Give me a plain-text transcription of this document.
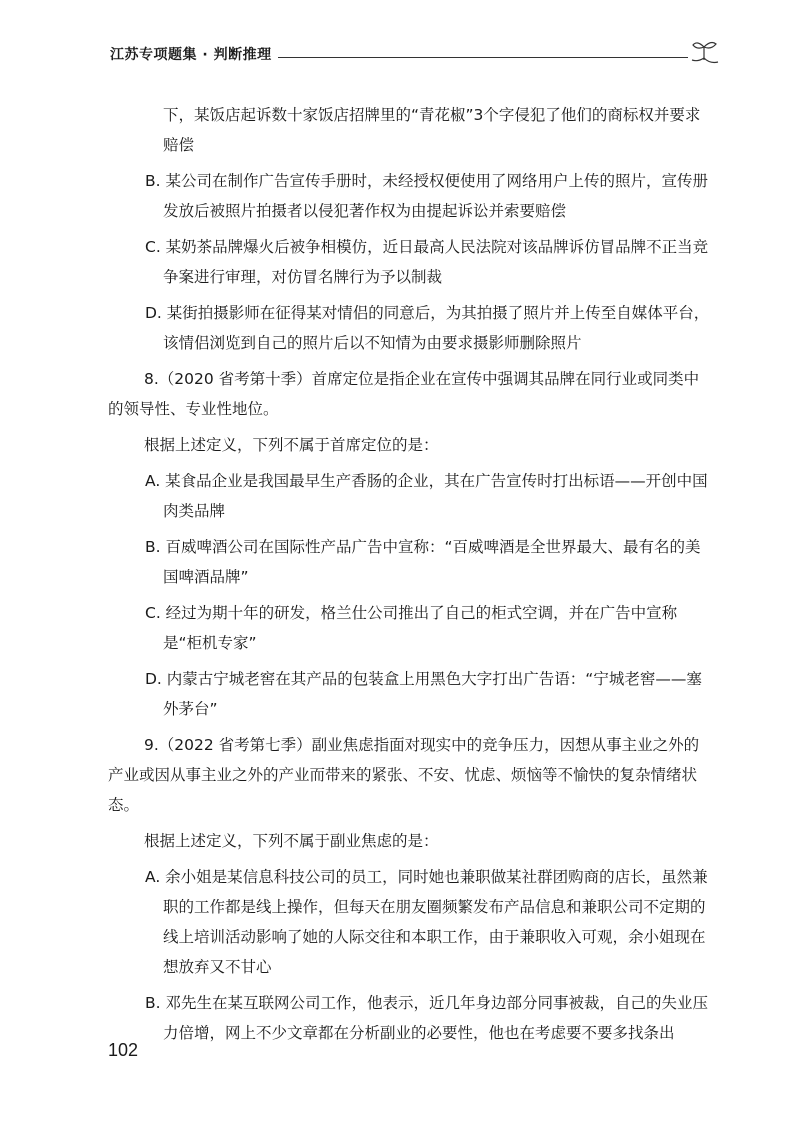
江苏专项题集 · 判断推理

下，某饭店起诉数十家饭店招牌里的“青花椒”3个字侵犯了他们的商标权并要求赔偿

B. 某公司在制作广告宣传手册时，未经授权便使用了网络用户上传的照片，宣传册发放后被照片拍摄者以侵犯著作权为由提起诉讼并索要赔偿

C. 某奶茶品牌爆火后被争相模仿，近日最高人民法院对该品牌诉仿冒品牌不正当竞争案进行审理，对仿冒名牌行为予以制裁

D. 某街拍摄影师在征得某对情侣的同意后，为其拍摄了照片并上传至自媒体平台，该情侣浏览到自己的照片后以不知情为由要求摄影师删除照片

8.（2020 省考第十季）首席定位是指企业在宣传中强调其品牌在同行业或同类中的领导性、专业性地位。

根据上述定义，下列不属于首席定位的是：

A. 某食品企业是我国最早生产香肠的企业，其在广告宣传时打出标语——开创中国肉类品牌

B. 百威啤酒公司在国际性产品广告中宣称：“百威啤酒是全世界最大、最有名的美国啤酒品牌”

C. 经过为期十年的研发，格兰仕公司推出了自己的柜式空调，并在广告中宣称是“柜机专家”

D. 内蒙古宁城老窖在其产品的包装盒上用黑色大字打出广告语：“宁城老窖——塞外茅台”

9.（2022 省考第七季）副业焦虑指面对现实中的竞争压力，因想从事主业之外的产业或因从事主业之外的产业而带来的紧张、不安、忧虑、烦恼等不愉快的复杂情绪状态。

根据上述定义，下列不属于副业焦虑的是：

A. 余小姐是某信息科技公司的员工，同时她也兼职做某社群团购商的店长，虽然兼职的工作都是线上操作，但每天在朋友圈频繁发布产品信息和兼职公司不定期的线上培训活动影响了她的人际交往和本职工作，由于兼职收入可观，余小姐现在想放弃又不甘心

B. 邓先生在某互联网公司工作，他表示，近几年身边部分同事被裁，自己的失业压力倍增，网上不少文章都在分析副业的必要性，他也在考虑要不要多找条出

102
